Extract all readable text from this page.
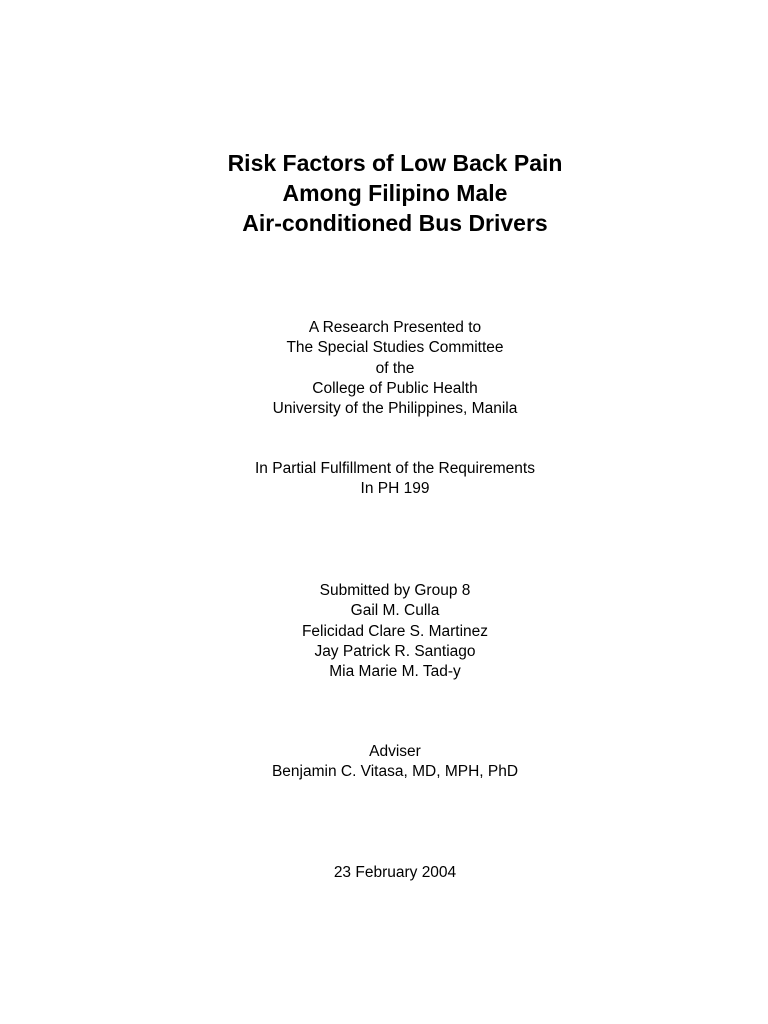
Risk Factors of Low Back Pain
Among Filipino Male
Air-conditioned Bus Drivers
A Research Presented to
The Special Studies Committee
of the
College of Public Health
University of the Philippines, Manila
In Partial Fulfillment of the Requirements
In PH 199
Submitted by Group 8
Gail M. Culla
Felicidad Clare S. Martinez
Jay Patrick R. Santiago
Mia Marie M. Tad-y
Adviser
Benjamin C. Vitasa, MD, MPH, PhD
23 February 2004
